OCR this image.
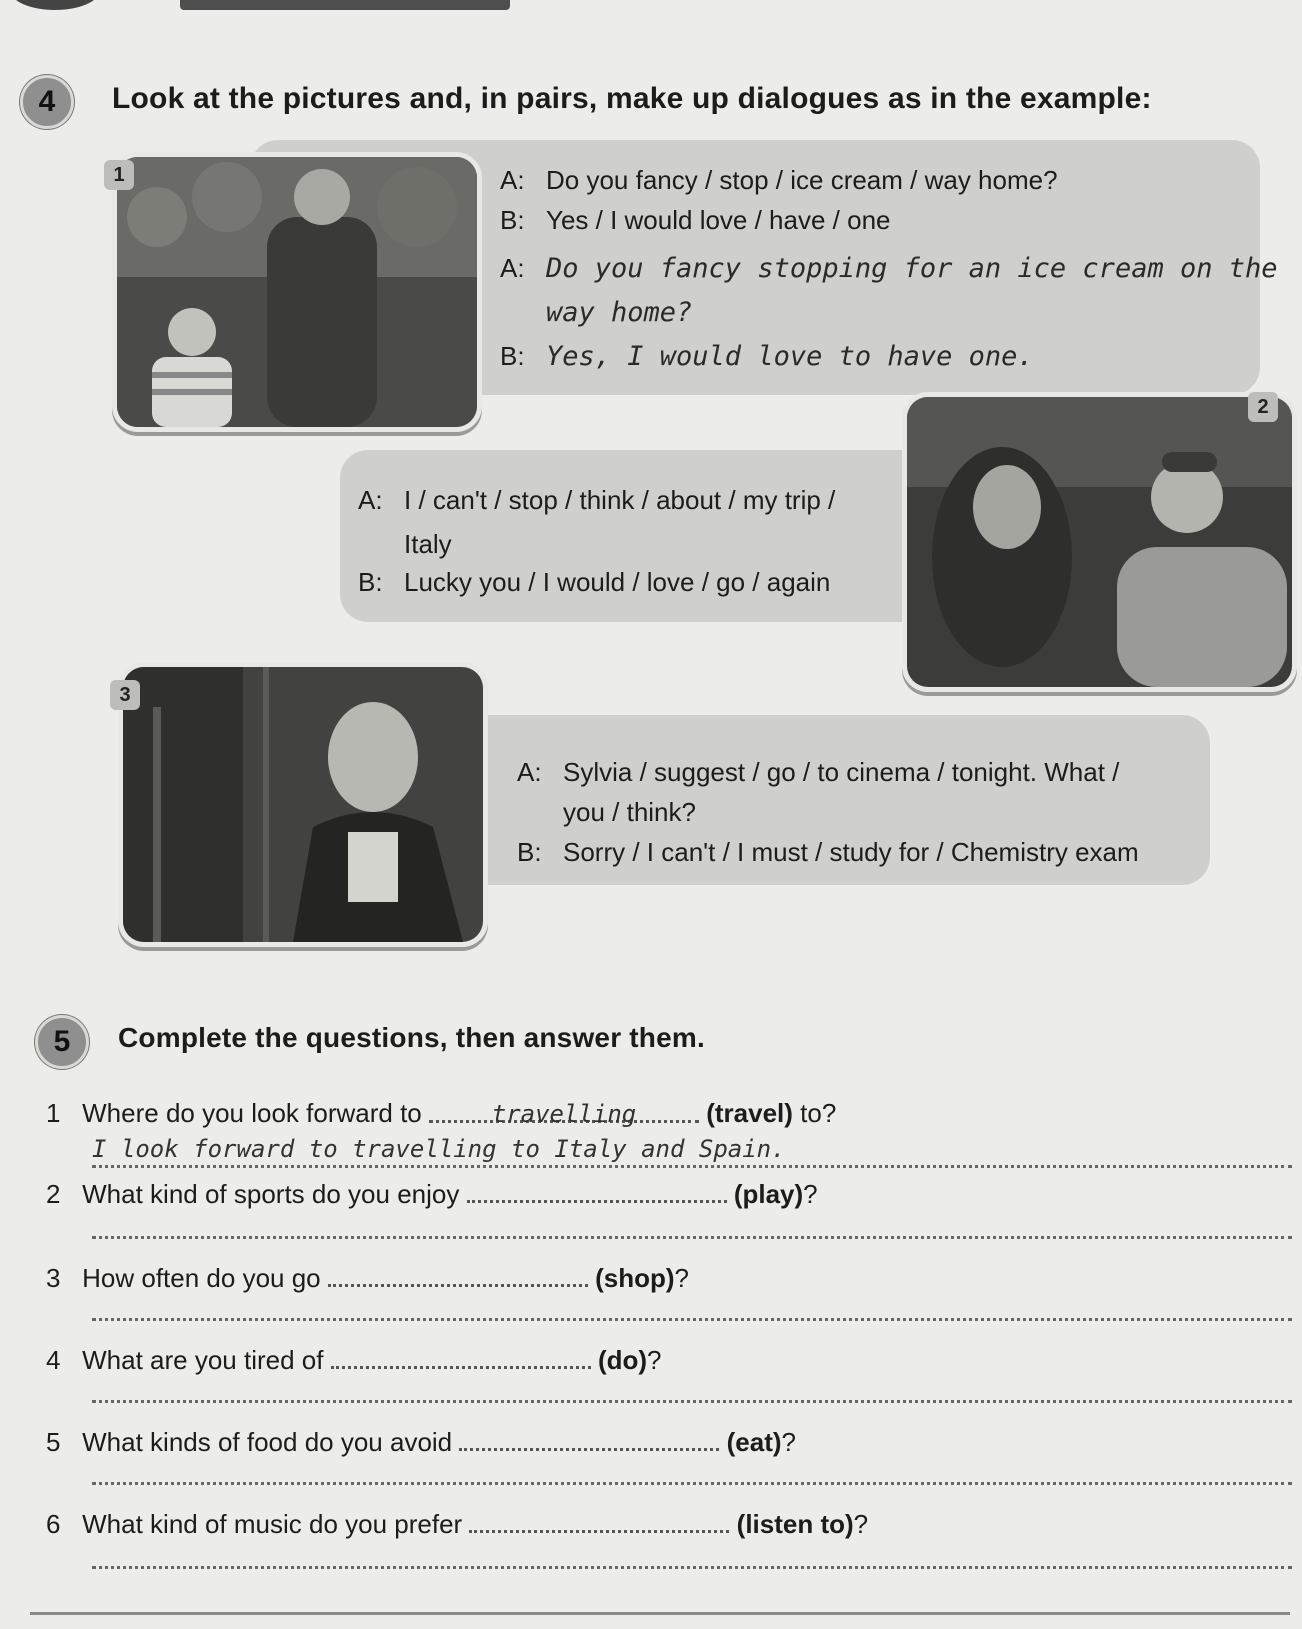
4	Look at the pictures and, in pairs, make up dialogues as in the example:
1	A: Do you fancy / stop / ice cream / way home?
B: Yes / I would love / have / one
A: Do you fancy stopping for an ice cream on the
way home?
B: Yes, I would love to have one.
2
A: I / can't / stop / think / about / my trip /
Italy
B: Lucky you / I would / love / go / again
3
A: Sylvia / suggest / go / to cinema / tonight. What /
you / think?
B: Sorry / I can't / I must / study for / Chemistry exam
5	Complete the questions, then answer them.
1 Where do you look forward to	travelling	(travel) to?
I look forward to travelling to Italy and Spain.
2 What kind of sports do you enjoy	(play)?
3 How often do you go	(shop)?
4 What are you tired of	(do)?
5 What kinds of food do you avoid	(eat)?
6 What kind of music do you prefer	(listen to)?
